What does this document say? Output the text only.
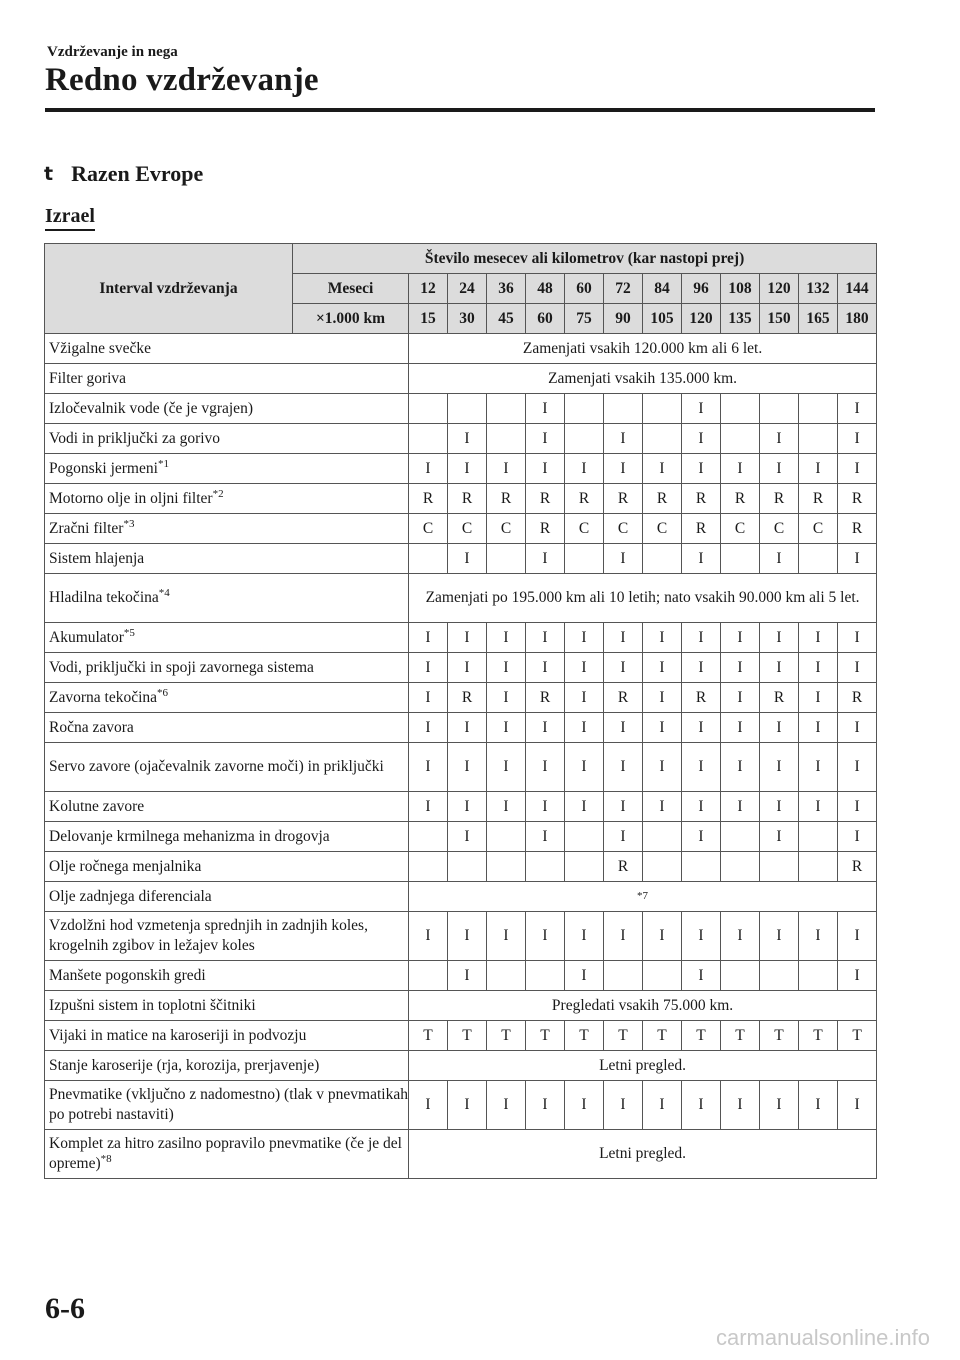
Vzdrževanje in nega
Redno vzdrževanje
t Razen Evrope
Izrael
Interval vzdrževanja	Število mesecev ali kilometrov (kar nastopi prej)												
	Meseci	12	24	36	48	60	72	84	96	108	120	132	144
	×1.000 km	15	30	45	60	75	90	105	120	135	150	165	180
Vžigalne svečke		Zamenjati vsakih 120.000 km ali 6 let.											
Filter goriva		Zamenjati vsakih 135.000 km.											
Izločevalnik vode (če je vgrajen)					I				I				I
Vodi in priključki za gorivo			I		I		I		I		I		I
Pogonski jermeni$^{*1}$		I	I	I	I	I	I	I	I	I	I	I	I
Motorno olje in oljni filter$^{*2}$		R	R	R	R	R	R	R	R	R	R	R	R
Zračni filter$^{*3}$		C	C	C	R	C	C	C	R	C	C	C	R
Sistem hlajenja			I		I		I		I		I		I
Hladilna tekočina$^{*4}$		Zamenjati po 195.000 km ali 10 letih; nato vsakih 90.000 km ali 5 let.											
Akumulator$^{*5}$		I	I	I	I	I	I	I	I	I	I	I	I
Vodi, priključki in spoji zavornega sistema		I	I	I	I	I	I	I	I	I	I	I	I
Zavorna tekočina$^{*6}$		I	R	I	R	I	R	I	R	I	R	I	R
Ročna zavora		I	I	I	I	I	I	I	I	I	I	I	I
Servo zavore (ojačevalnik zavorne moči) in priključki		I	I	I	I	I	I	I	I	I	I	I	I
Kolutne zavore		I	I	I	I	I	I	I	I	I	I	I	I
Delovanje krmilnega mehanizma in drogovja			I		I		I		I		I		I
Olje ročnega menjalnika							R						R
Olje zadnjega diferenciala		$^{*7}$
Vzdolžni hod vzmetenja sprednjih in zadnjih koles, krogelnih zgibov in ležajev koles		I	I	I	I	I	I	I	I	I	I	I	I
Manšete pogonskih gredi			I			I			I				I
Izpušni sistem in toplotni ščitniki		Pregledati vsakih 75.000 km.											
Vijaki in matice na karoseriji in podvozju		T	T	T	T	T	T	T	T	T	T	T	T
Stanje karoserije (rja, korozija, prerjavenje)		Letni pregled.											
Pnevmatike (vključno z nadomestno) (tlak v pnevmatikah po potrebi nastaviti)		I	I	I	I	I	I	I	I	I	I	I	I
Komplet za hitro zasilno popravilo pnevmatike (če je del opreme)$^{*8}$		Letni pregled.											
6-6
carmanualsonline.info
